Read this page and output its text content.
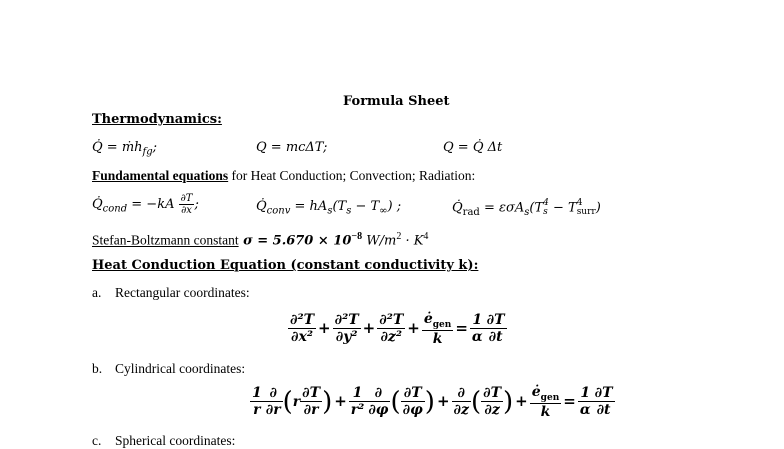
Formula Sheet
Thermodynamics:
Q̇ = ṁh$_{fg}$;	Q = mcΔT;	Q = Q̇ Δt
Fundamental equations for Heat Conduction; Convection; Radiation:
$Q̇_{cond} = -kA \frac{\partial T}{\partial x}$ ;	$Q̇_{conv} = hA_s(T_s - T_\infty)$ ;	$Q̇_{rad} = \varepsilon\sigma A_s(T$ 4
s − T 4
surr )
Stefan-Boltzmann constant $\sigma = 5.670 \times 10^{-8}$ $W/m^2 \cdot K^4$
Heat Conduction Equation (constant conductivity k):
a. Rectangular coordinates:
$\frac{\text{∂²T}}{\text{∂x²}} + \frac{\text{∂²T}}{\text{∂y²}} + \frac{\text{∂²T}}{\text{∂z²}} + \frac{ė_{gen}}{k} = \frac{1}{\alpha} \frac{\partial T}{\partial t}$
b. Cylindrical coordinates:
$\frac{1}{r} \frac{\partial}{\partial r} (r \frac{\partial T}{\partial r}$ ) + $\frac{1}{\text{r²}} \frac{\partial}{\partial\varphi}$ ( $\frac{\partial T}{\partial\varphi}$ ) + $\frac{\partial}{\partial z}$ ( $\frac{\partial T}{\partial z}$ ) + $\frac{ė_{gen}}{k} = \frac{1}{\alpha} \frac{\partial T}{\partial t}$
c. Spherical coordinates:
